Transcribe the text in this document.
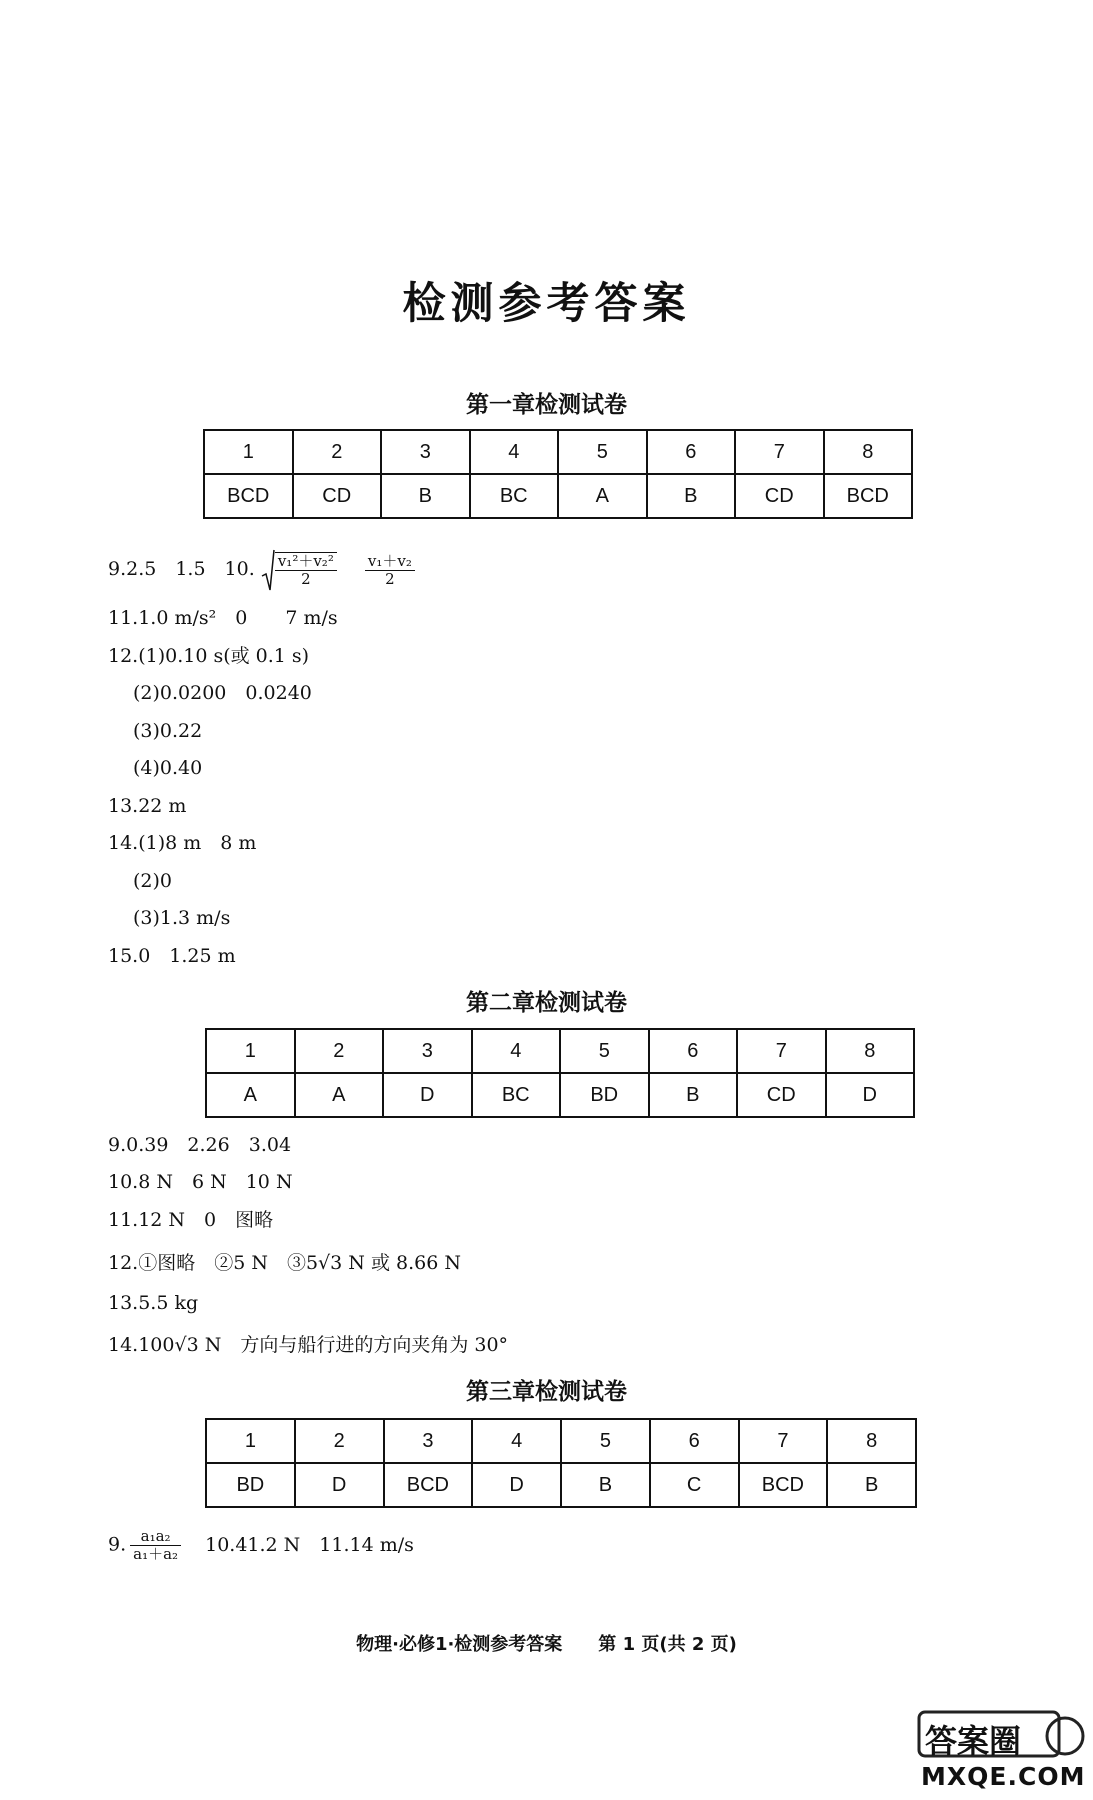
检测参考答案
第一章检测试卷
1	2	3	4	5	6	7	8
BCD	CD	B	BC	A	B	CD	BCD
9.2.5　1.5　10. $\frac{\text{v₁²＋v₂²}}{2}$
$\frac{\text{v₁＋v₂}}{2}$
11.1.0 m/s²　0　　7 m/s
12.(1)0.10 s(或 0.1 s)
(2)0.0200　0.0240
(3)0.22
(4)0.40
13.22 m
14.(1)8 m　8 m
(2)0
(3)1.3 m/s
15.0　1.25 m
第二章检测试卷
1	2	3	4	5	6	7	8
A	A	D	BC	BD	B	CD	D
9.0.39　2.26　3.04
10.8 N　6 N　10 N
11.12 N　0　图略
12.①图略　②5 N　③5√3 N 或 8.66 N
13.5.5 kg
14.100√3 N　方向与船行进的方向夹角为 30°
第三章检测试卷
1	2	3	4	5	6	7	8
BD	D	BCD	D	B	C	BCD	B
9. $\frac{\text{a₁a₂}}{\text{a₁＋a₂}} 10.41.2$ N　11.14 m/s
物理·必修1·检测参考答案　　第 1 页(共 2 页)
答案圈
MXQE.COM
